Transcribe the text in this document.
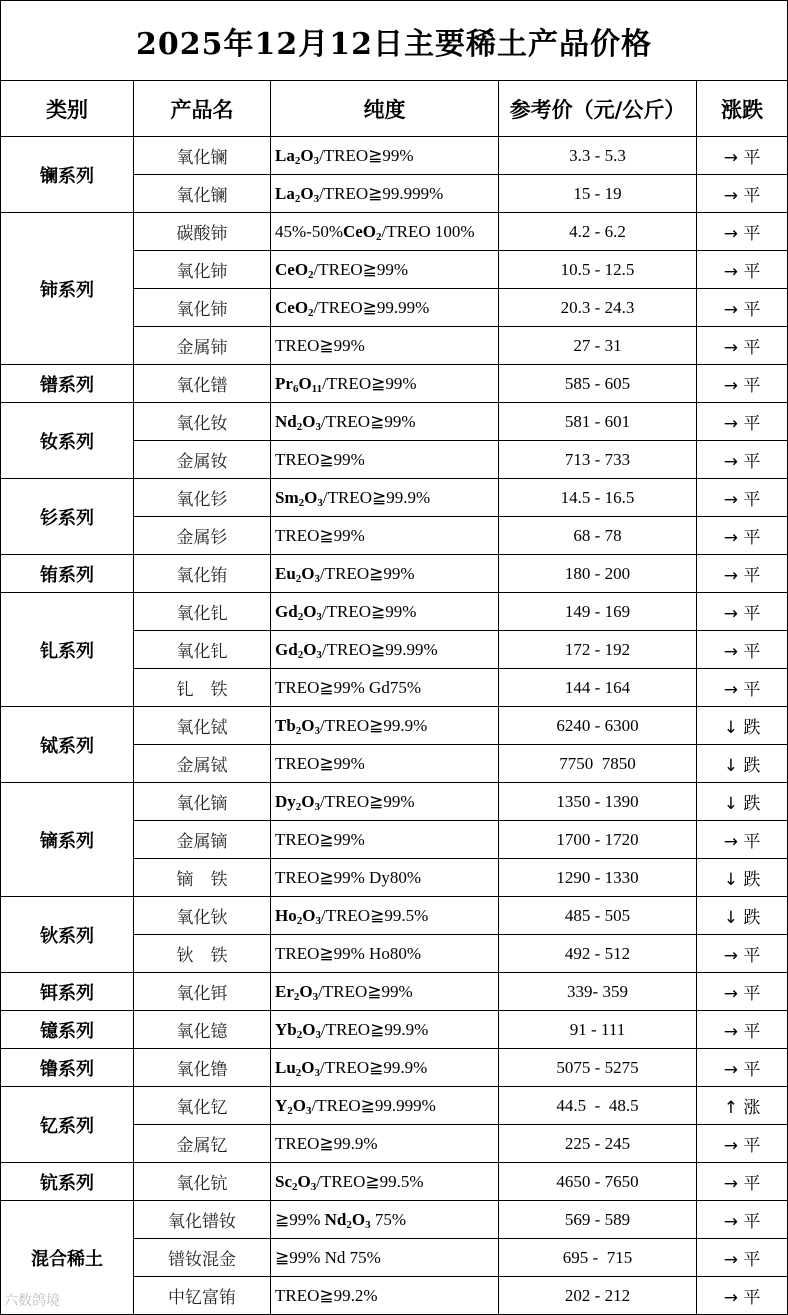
2025年12月12日主要稀土产品价格				
类别	产品名	纯度	参考价（元/公斤）	涨跌
镧系列	氧化镧	$La_2O_3/TREO≧99\%$	3.3 - 5.3	→ 平
	氧化镧	$La_2O_3/TREO≧99.999\%$	15 - 19	→ 平
铈系列	碳酸铈	45%-50%CeO$_2$/TREO 100%	4.2 - 6.2	→ 平
	氧化铈	CeO$_2$/TREO≧99%	10.5 - 12.5	→ 平
	氧化铈	CeO$_2$/TREO≧99.99%	20.3 - 24.3	→ 平
	金属铈	TREO≧99%	27 - 31	→ 平
镨系列	氧化镨	$Pr_6O_{11}/TREO≧99\%$	585 - 605	→ 平
钕系列	氧化钕	$Nd_2O_3/TREO≧99\%$	581 - 601	→ 平
	金属钕	TREO≧99%	713 - 733	→ 平
钐系列	氧化钐	$Sm_2O_3/TREO≧99.9\%$	14.5 - 16.5	→ 平
	金属钐	TREO≧99%	68 - 78	→ 平
铕系列	氧化铕	$Eu_2O_3/TREO≧99\%$	180 - 200	→ 平
钆系列	氧化钆	$Gd_2O_3/TREO≧99\%$	149 - 169	→ 平
	氧化钆	$Gd_2O_3/TREO≧99.99\%$	172 - 192	→ 平
	钆　铁	TREO≧99% Gd75%	144 - 164	→ 平
铽系列	氧化铽	$Tb_2O_3/TREO≧99.9\%$	6240 - 6300	↓ 跌
	金属铽	TREO≧99%	7750  7850	↓ 跌
镝系列	氧化镝	$Dy_2O_3/TREO≧99\%$	1350 - 1390	↓ 跌
	金属镝	TREO≧99%	1700 - 1720	→ 平
	镝　铁	TREO≧99% Dy80%	1290 - 1330	↓ 跌
钬系列	氧化钬	$Ho_2O_3/TREO≧99.5\%$	485 - 505	↓ 跌
	钬　铁	TREO≧99% Ho80%	492 - 512	→ 平
铒系列	氧化铒	$Er_2O_3/TREO≧99\%$	339- 359	→ 平
镱系列	氧化镱	$Yb_2O_3/TREO≧99.9\%$	91 - 111	→ 平
镥系列	氧化镥	$Lu_2O_3/TREO≧99.9\%$	5075 - 5275	→ 平
钇系列	氧化钇	$Y_2O_3/TREO≧99.999\%$	44.5  -  48.5	↑ 涨
	金属钇	TREO≧99.9%	225 - 245	→ 平
钪系列	氧化钪	$Sc_2O_3/TREO≧99.5\%$	4650 - 7650	→ 平
混合稀土	氧化镨钕	≧99% $Nd_2O_3$ 75%	569 - 589	→ 平
	镨钕混金	≧99% Nd 75%	695 -  715	→ 平
	中钇富铕	TREO≧99.2%	202 - 212	→ 平
六数鸽境
